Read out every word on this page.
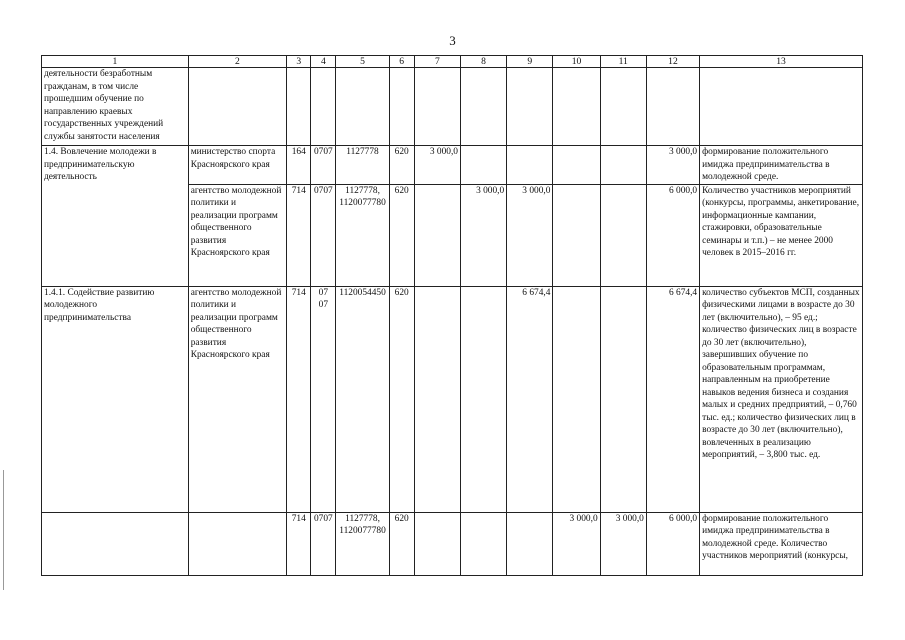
3
1	2	3	4	5	6	7	8	9	10	11	12	13
деятельности безработным гражданам, в том числе прошедшим обучение по направлению краевых государственных учреждений службы занятости населения												
1.4. Вовлечение молодежи в предпринимательскую деятельность	министерство спорта Красноярского края	164	0707	1127778	620	3 000,0					3 000,0	формирование положительного имиджа предпринимательства в молодежной среде.
	агентство молодежной политики и реализации программ общественного развития Красноярского края	714	0707	1127778, 1120077780	620		3 000,0	3 000,0			6 000,0	Количество участников мероприятий (конкурсы, программы, анкетирование, информационные кампании, стажировки, образовательные семинары и т.п.) – не менее 2000 человек в 2015–2016 гг.
1.4.1. Содействие развитию молодежного предпринимательства	агентство молодежной политики и реализации программ общественного развития Красноярского края	714	07 07	1120054450	620			6 674,4			6 674,4	количество субъектов МСП, созданных физическими лицами в возрасте до 30 лет (включительно), – 95 ед.; количество физических лиц в возрасте до 30 лет (включительно), завершивших обучение по образовательным программам, направленным на приобретение навыков ведения бизнеса и создания малых и средних предприятий, – 0,760 тыс. ед.; количество физических лиц в возрасте до 30 лет (включительно), вовлеченных в реализацию мероприятий, – 3,800 тыс. ед.
		714	0707	1127778, 1120077780	620				3 000,0	3 000,0	6 000,0	формирование положительного имиджа предпринимательства в молодежной среде. Количество участников мероприятий (конкурсы,
